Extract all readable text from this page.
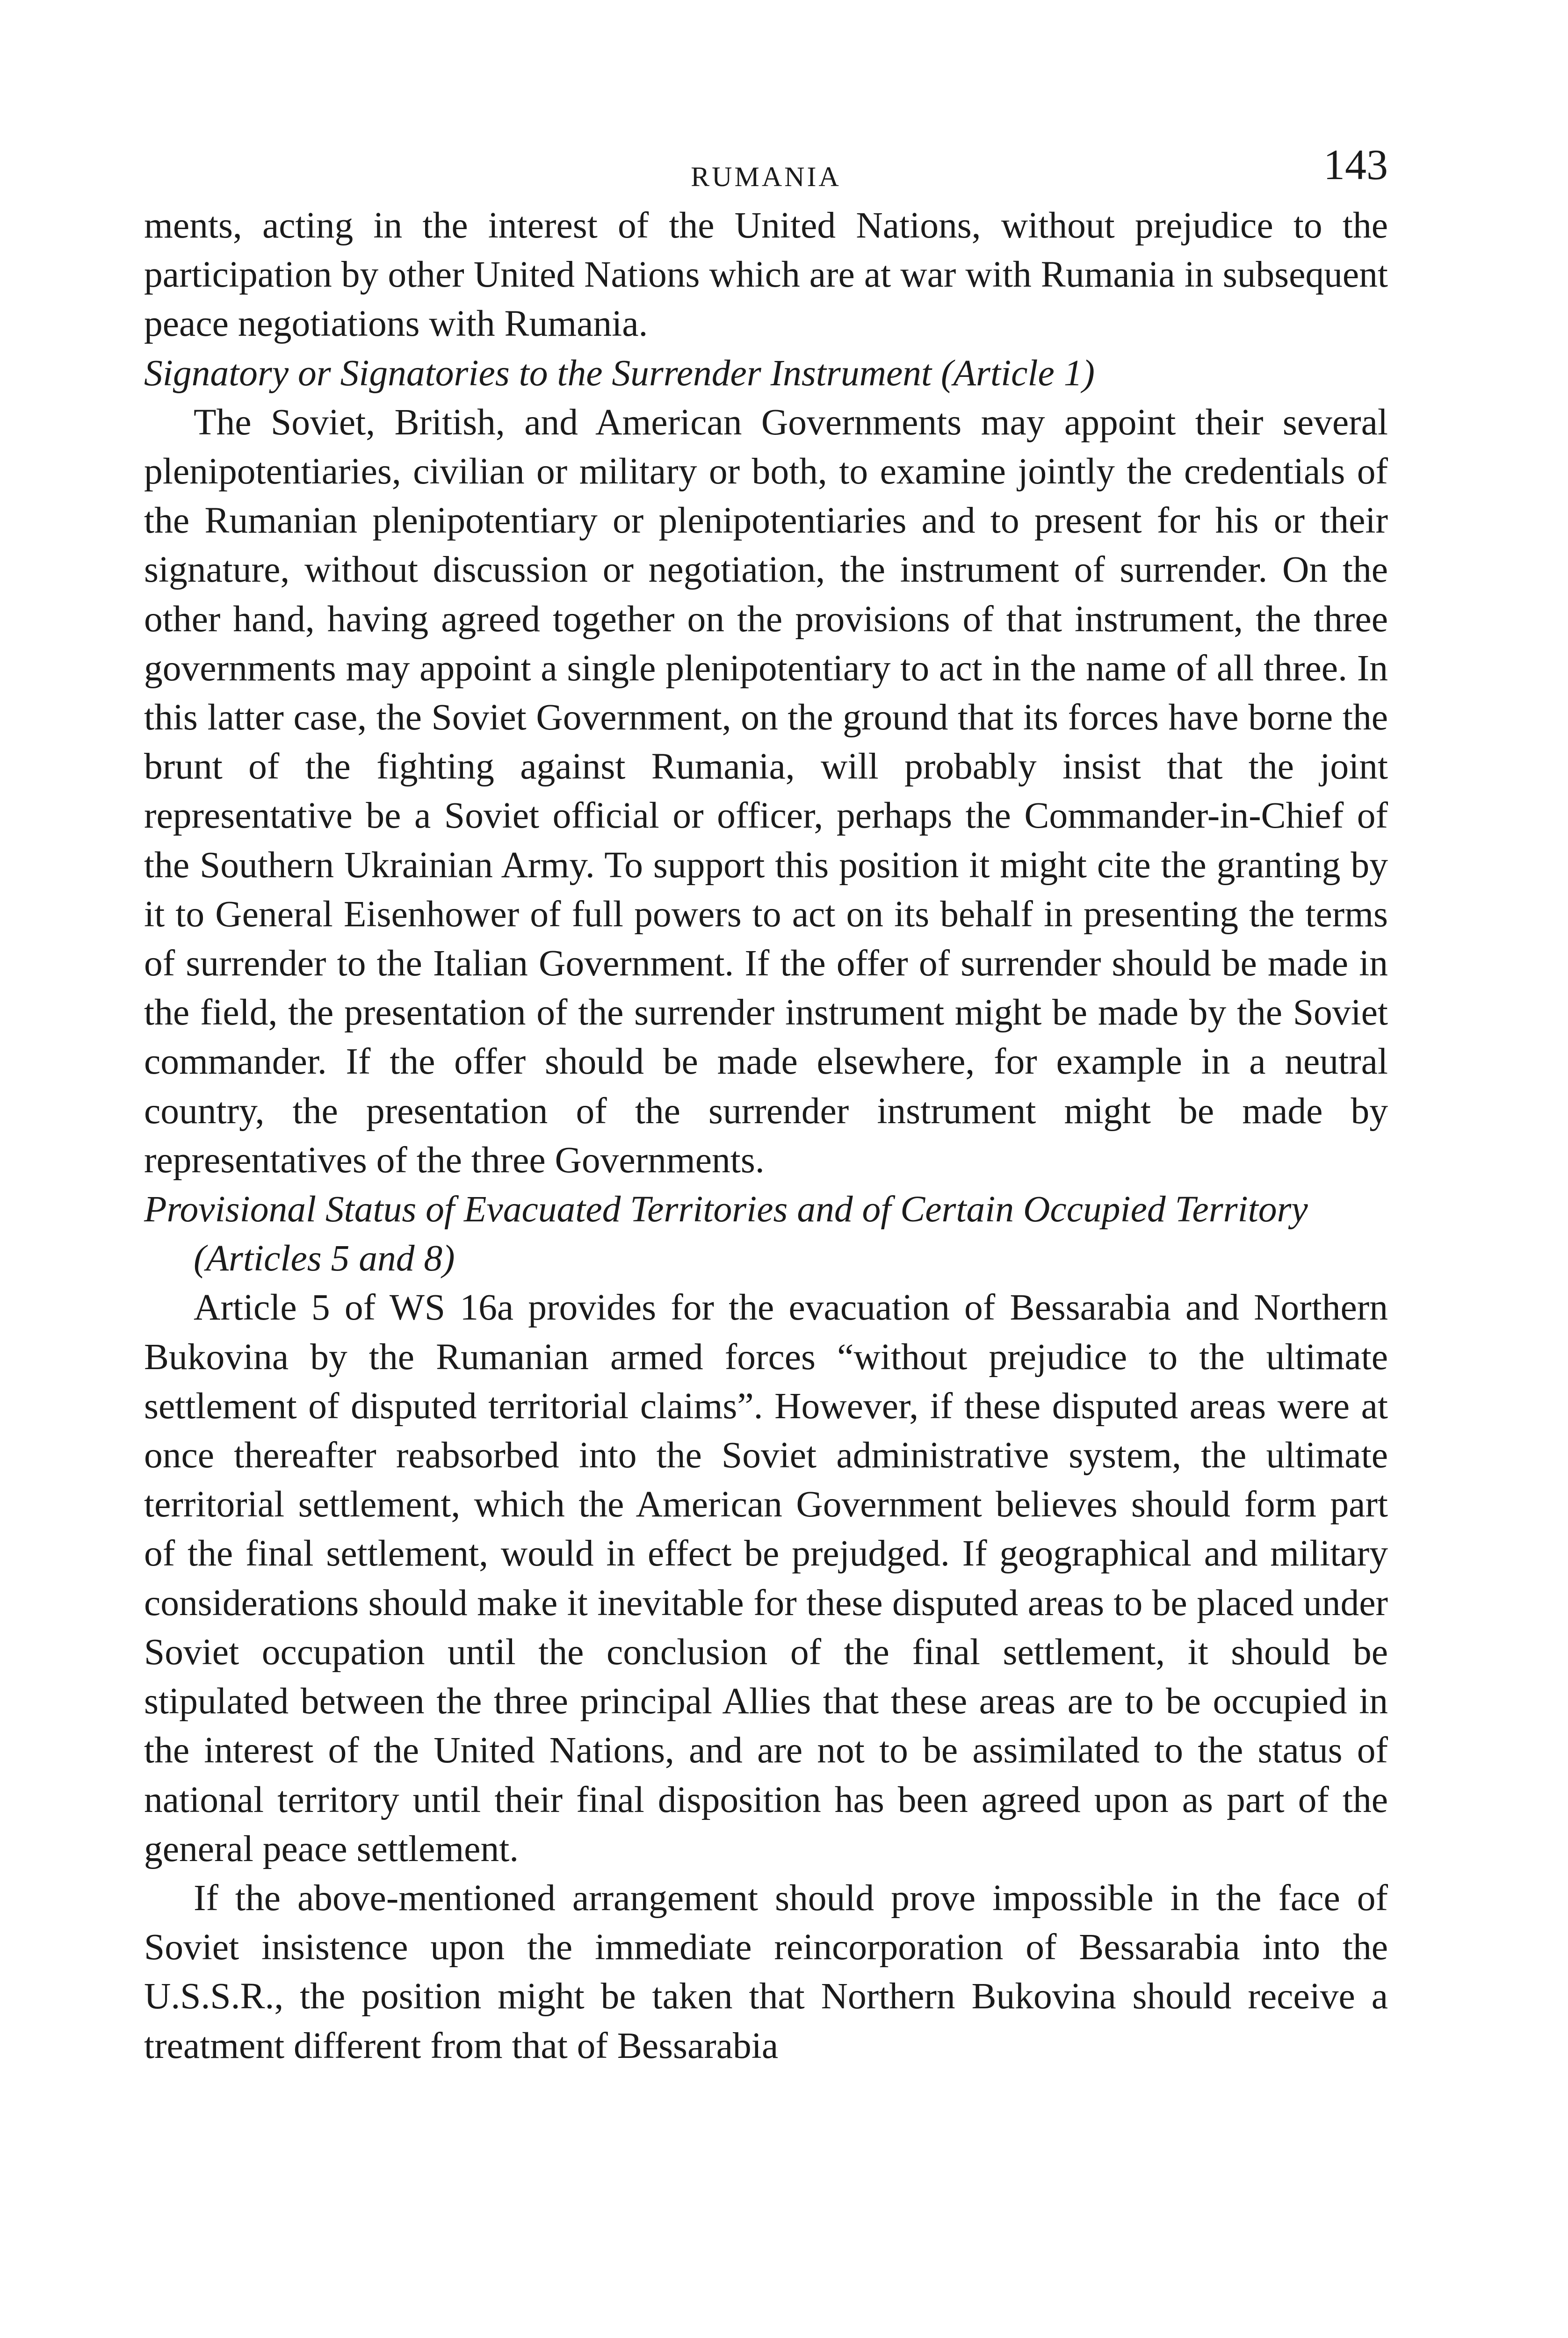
RUMANIA	143

ments, acting in the interest of the United Nations, without prejudice to the participation by other United Nations which are at war with Rumania in subsequent peace negotiations with Rumania.

Signatory or Signatories to the Surrender Instrument (Article 1)

The Soviet, British, and American Governments may appoint their several plenipotentiaries, civilian or military or both, to examine jointly the credentials of the Rumanian plenipotentiary or plenipotentiaries and to present for his or their signature, without discussion or negotiation, the instrument of surrender. On the other hand, having agreed together on the provisions of that instrument, the three governments may appoint a single plenipotentiary to act in the name of all three. In this latter case, the Soviet Government, on the ground that its forces have borne the brunt of the fighting against Rumania, will probably insist that the joint representative be a Soviet official or officer, perhaps the Commander-in-Chief of the Southern Ukrainian Army. To support this position it might cite the granting by it to General Eisenhower of full powers to act on its behalf in presenting the terms of surrender to the Italian Government. If the offer of surrender should be made in the field, the presentation of the surrender instrument might be made by the Soviet commander. If the offer should be made elsewhere, for example in a neutral country, the presentation of the surrender instrument might be made by representatives of the three Governments.

Provisional Status of Evacuated Territories and of Certain Occupied Territory (Articles 5 and 8)

Article 5 of WS 16a provides for the evacuation of Bessarabia and Northern Bukovina by the Rumanian armed forces “without prejudice to the ultimate settlement of disputed territorial claims”. However, if these disputed areas were at once thereafter reabsorbed into the Soviet administrative system, the ultimate territorial settlement, which the American Government believes should form part of the final settlement, would in effect be prejudged. If geographical and military considerations should make it inevitable for these disputed areas to be placed under Soviet occupation until the conclusion of the final settlement, it should be stipulated between the three principal Allies that these areas are to be occupied in the interest of the United Nations, and are not to be assimilated to the status of national territory until their final disposition has been agreed upon as part of the general peace settlement.

If the above-mentioned arrangement should prove impossible in the face of Soviet insistence upon the immediate reincorporation of Bessarabia into the U.S.S.R., the position might be taken that Northern Bukovina should receive a treatment different from that of Bessarabia
